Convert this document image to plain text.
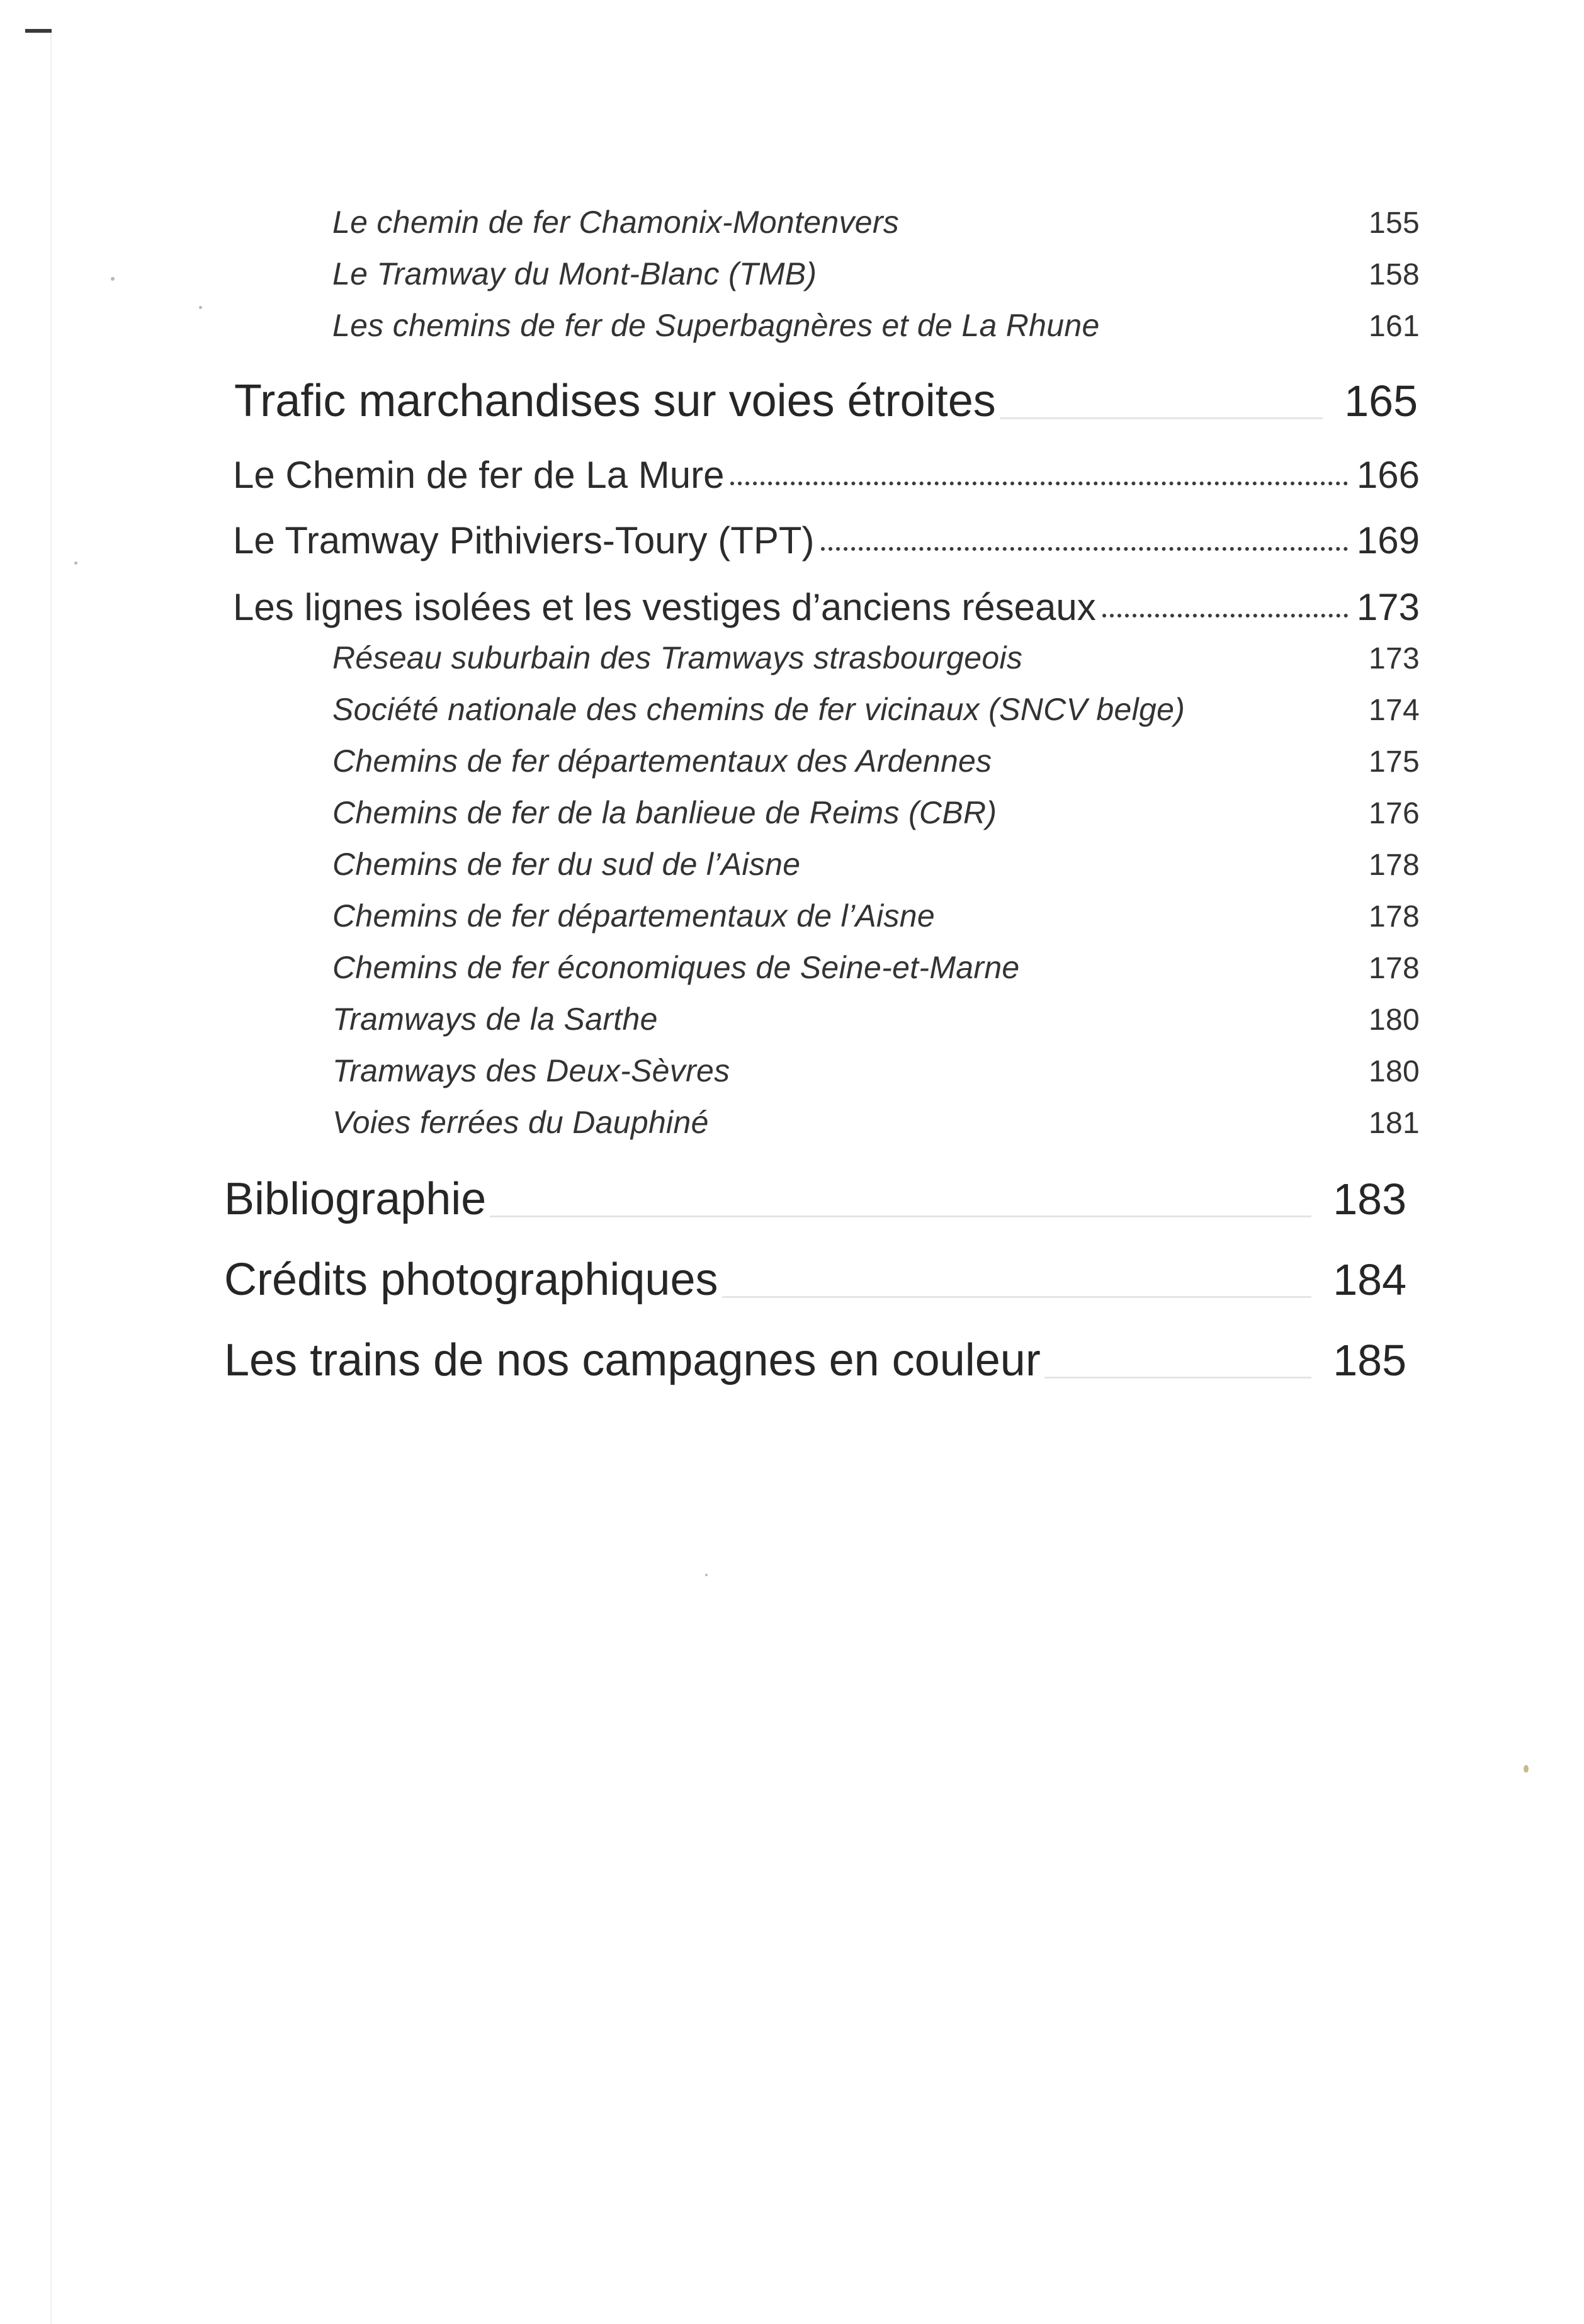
Le chemin de fer Chamonix-Montenvers	155
Le Tramway du Mont-Blanc (TMB)	158
Les chemins de fer de Superbagnères et de La Rhune	161
Trafic marchandises sur voies étroites	165
Le Chemin de fer de La Mure	166
Le Tramway Pithiviers-Toury (TPT)	169
Les lignes isolées et les vestiges d’anciens réseaux	173
Réseau suburbain des Tramways strasbourgeois	173
Société nationale des chemins de fer vicinaux (SNCV belge)	174
Chemins de fer départementaux des Ardennes	175
Chemins de fer de la banlieue de Reims (CBR)	176
Chemins de fer du sud de l’Aisne	178
Chemins de fer départementaux de l’Aisne	178
Chemins de fer économiques de Seine-et-Marne	178
Tramways de la Sarthe	180
Tramways des Deux-Sèvres	180
Voies ferrées du Dauphiné	181
Bibliographie	183
Crédits photographiques	184
Les trains de nos campagnes en couleur	185
